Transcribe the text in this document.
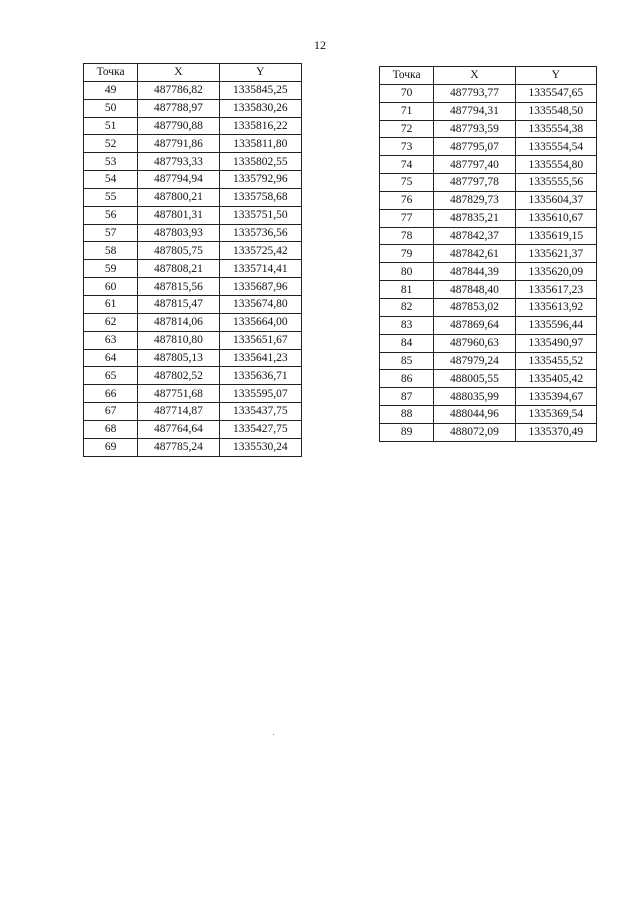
12
Точка	X	Y
49	487786,82	1335845,25
50	487788,97	1335830,26
51	487790,88	1335816,22
52	487791,86	1335811,80
53	487793,33	1335802,55
54	487794,94	1335792,96
55	487800,21	1335758,68
56	487801,31	1335751,50
57	487803,93	1335736,56
58	487805,75	1335725,42
59	487808,21	1335714,41
60	487815,56	1335687,96
61	487815,47	1335674,80
62	487814,06	1335664,00
63	487810,80	1335651,67
64	487805,13	1335641,23
65	487802,52	1335636,71
66	487751,68	1335595,07
67	487714,87	1335437,75
68	487764,64	1335427,75
69	487785,24	1335530,24
Точка	X	Y
70	487793,77	1335547,65
71	487794,31	1335548,50
72	487793,59	1335554,38
73	487795,07	1335554,54
74	487797,40	1335554,80
75	487797,78	1335555,56
76	487829,73	1335604,37
77	487835,21	1335610,67
78	487842,37	1335619,15
79	487842,61	1335621,37
80	487844,39	1335620,09
81	487848,40	1335617,23
82	487853,02	1335613,92
83	487869,64	1335596,44
84	487960,63	1335490,97
85	487979,24	1335455,52
86	488005,55	1335405,42
87	488035,99	1335394,67
88	488044,96	1335369,54
89	488072,09	1335370,49
